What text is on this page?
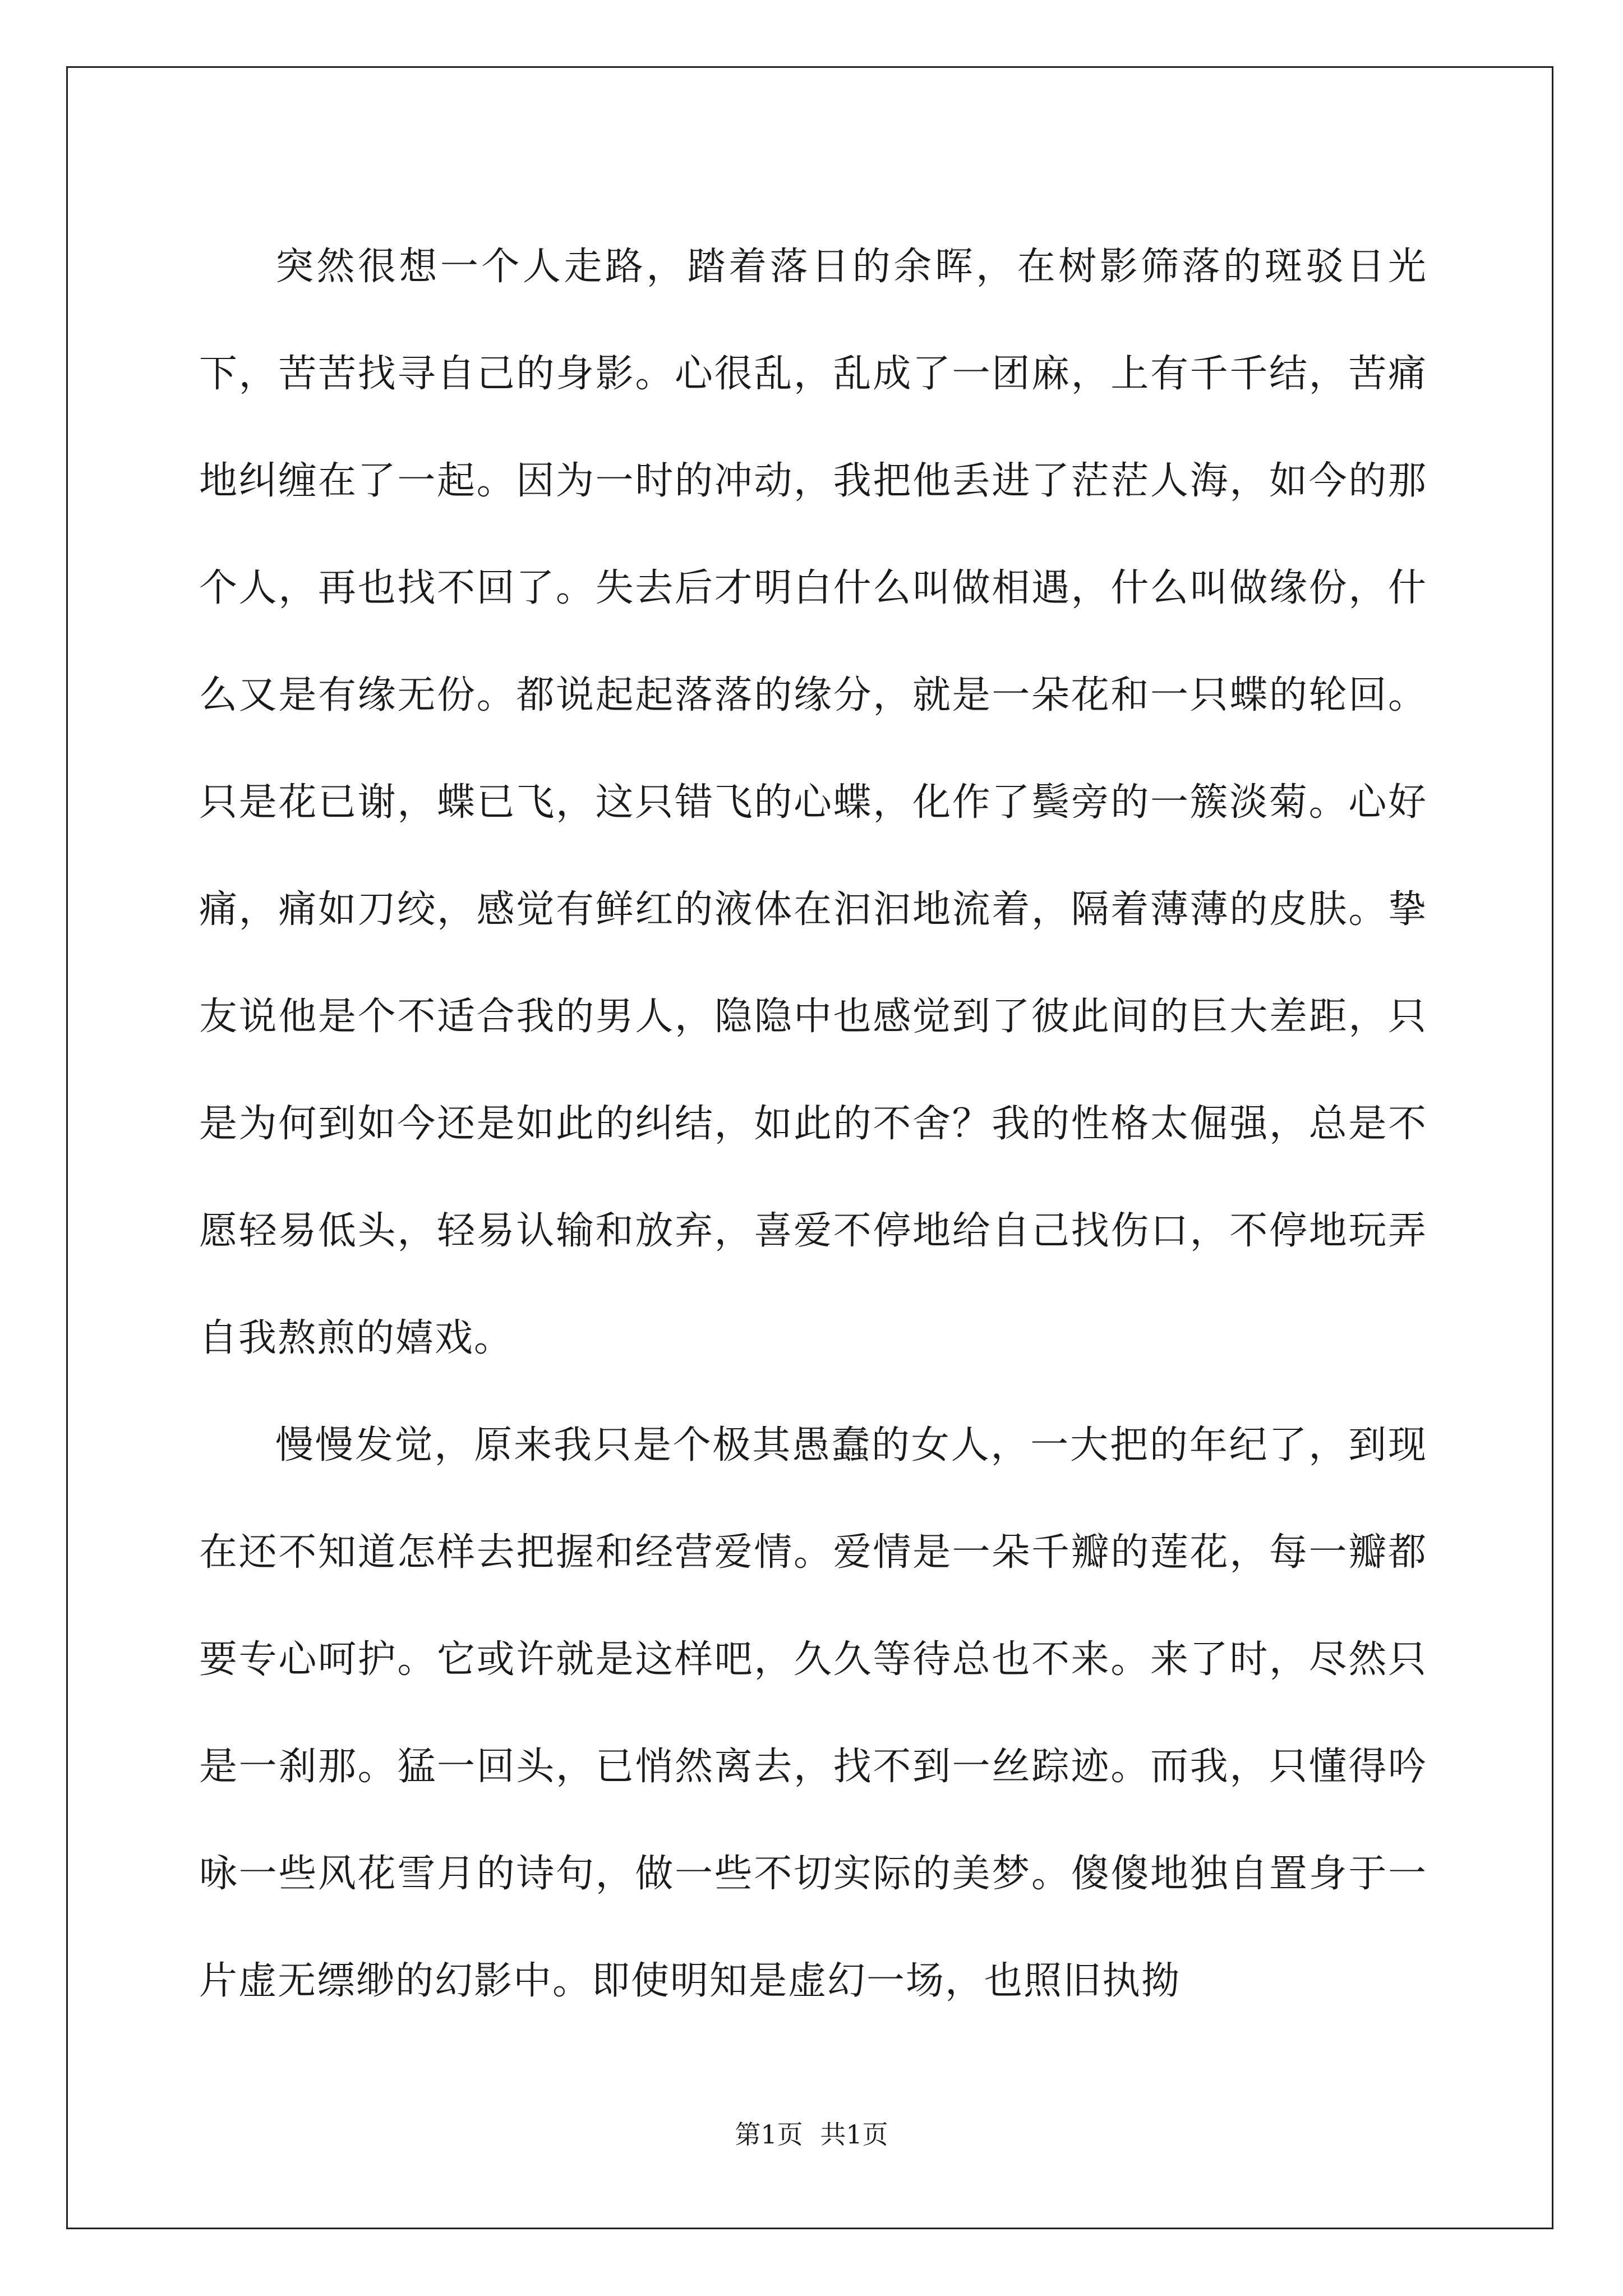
突然很想一个人走路，踏着落日的余晖，在树影筛落的斑驳日光下，苦苦找寻自己的身影。心很乱，乱成了一团麻，上有千千结，苦痛地纠缠在了一起。因为一时的冲动，我把他丢进了茫茫人海，如今的那个人，再也找不回了。失去后才明白什么叫做相遇，什么叫做缘份，什么又是有缘无份。都说起起落落的缘分，就是一朵花和一只蝶的轮回。只是花已谢，蝶已飞，这只错飞的心蝶，化作了鬓旁的一簇淡菊。心好痛，痛如刀绞，感觉有鲜红的液体在汩汩地流着，隔着薄薄的皮肤。挚友说他是个不适合我的男人，隐隐中也感觉到了彼此间的巨大差距，只是为何到如今还是如此的纠结，如此的不舍？我的性格太倔强，总是不愿轻易低头，轻易认输和放弃，喜爱不停地给自己找伤口，不停地玩弄自我熬煎的嬉戏。

慢慢发觉，原来我只是个极其愚蠢的女人，一大把的年纪了，到现在还不知道怎样去把握和经营爱情。爱情是一朵千瓣的莲花，每一瓣都要专心呵护。它或许就是这样吧，久久等待总也不来。来了时，尽然只是一刹那。猛一回头，已悄然离去，找不到一丝踪迹。而我，只懂得吟咏一些风花雪月的诗句，做一些不切实际的美梦。傻傻地独自置身于一片虚无缥缈的幻影中。即使明知是虚幻一场，也照旧执拗

第1页 共1页
